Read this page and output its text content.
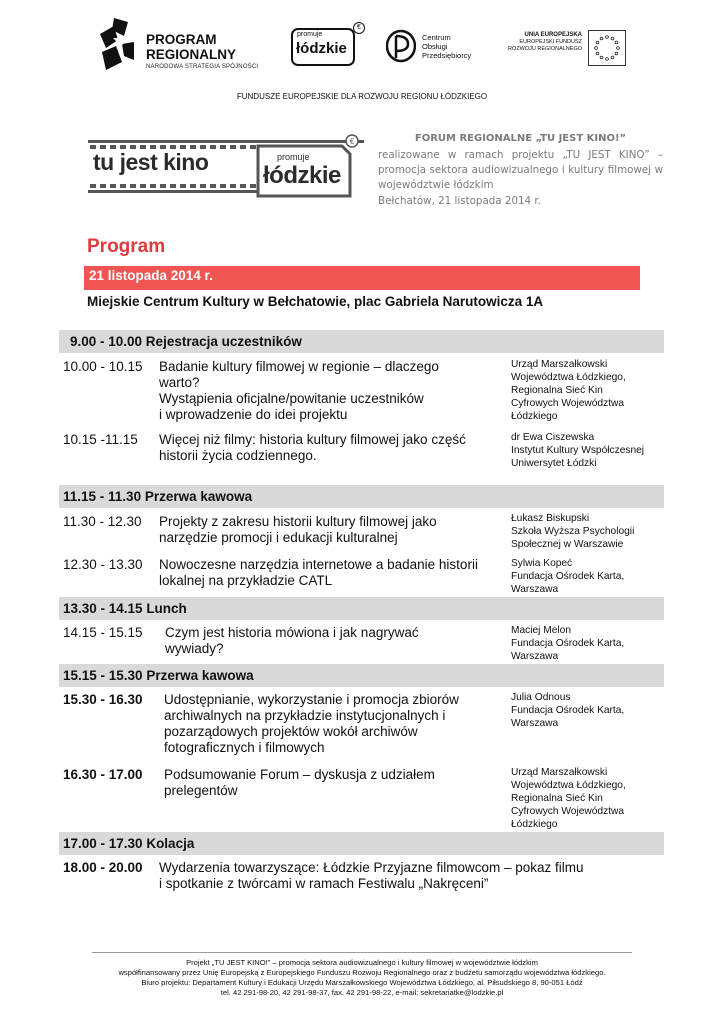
PROGRAM
REGIONALNY
NARODOWA STRATEGIA SPÓJNOŚCI
promuje
łódzkie
€
Centrum
Obsługi
Przedsiębiorcy
UNIA EUROPEJSKA
EUROPEJSKI FUNDUSZ
ROZWOJU REGIONALNEGO
FUNDUSZE EUROPEJSKIE DLA ROZWOJU REGIONU ŁÓDZKIEGO
€
tu jest kino	promuje
łódzkie
FORUM REGIONALNE „TU JEST KINO!”
realizowane w ramach projektu „TU JEST KINO” – promocja sektora audiowizualnego i kultury filmowej w województwie łódzkim
Bełchatów, 21 listopada 2014 r.
Program
21 listopada 2014 r.
Miejskie Centrum Kultury w Bełchatowie, plac Gabriela Narutowicza 1A
9.00 - 10.00 Rejestracja uczestników
10.00 - 10.15 Badanie kultury filmowej w regionie – dlaczego
warto?
Wystąpienia oficjalne/powitanie uczestników
i wprowadzenie do idei projektu
Urząd Marszałkowski
Województwa Łódzkiego,
Regionalna Sieć Kin
Cyfrowych Województwa
Łódzkiego
10.15 -11.15 Więcej niż filmy: historia kultury filmowej jako część
historii życia codziennego.
dr Ewa Ciszewska
Instytut Kultury Współczesnej
Uniwersytet Łódzki
11.15 - 11.30 Przerwa kawowa
11.30 - 12.30 Projekty z zakresu historii kultury filmowej jako
narzędzie promocji i edukacji kulturalnej
Łukasz Biskupski
Szkoła Wyższa Psychologii
Społecznej w Warszawie
12.30 - 13.30 Nowoczesne narzędzia internetowe a badanie historii
lokalnej na przykładzie CATL
Sylwia Kopeć
Fundacja Ośrodek Karta,
Warszawa
13.30 - 14.15 Lunch
14.15 - 15.15 Czym jest historia mówiona i jak nagrywać
wywiady?
Maciej Melon
Fundacja Ośrodek Karta,
Warszawa
15.15 - 15.30 Przerwa kawowa
15.30 - 16.30 Udostępnianie, wykorzystanie i promocja zbiorów
archiwalnych na przykładzie instytucjonalnych i
pozarządowych projektów wokół archiwów
fotograficznych i filmowych
Julia Odnous
Fundacja Ośrodek Karta,
Warszawa
16.30 - 17.00 Podsumowanie Forum – dyskusja z udziałem
prelegentów
Urząd Marszałkowski
Województwa Łódzkiego,
Regionalna Sieć Kin
Cyfrowych Województwa
Łódzkiego
17.00 - 17.30 Kolacja
18.00 - 20.00 Wydarzenia towarzyszące: Łódzkie Przyjazne filmowcom – pokaz filmu
i spotkanie z twórcami w ramach Festiwalu „Nakręceni”
Projekt „TU JEST KINO!” – promocja sektora audiowizualnego i kultury filmowej w województwie łódzkim
współfinansowany przez Unię Europejską z Europejskiego Funduszu Rozwoju Regionalnego oraz z budżetu samorządu województwa łódzkiego.
Biuro projektu: Departament Kultury i Edukacji Urzędu Marszałkowskiego Województwa Łódzkiego, al. Piłsudskiego 8, 90-051 Łódź
tel. 42 291-98-20, 42 291-98-37, fax. 42 291-98-22, e-mail: sekretariatke@lodzkie.pl
